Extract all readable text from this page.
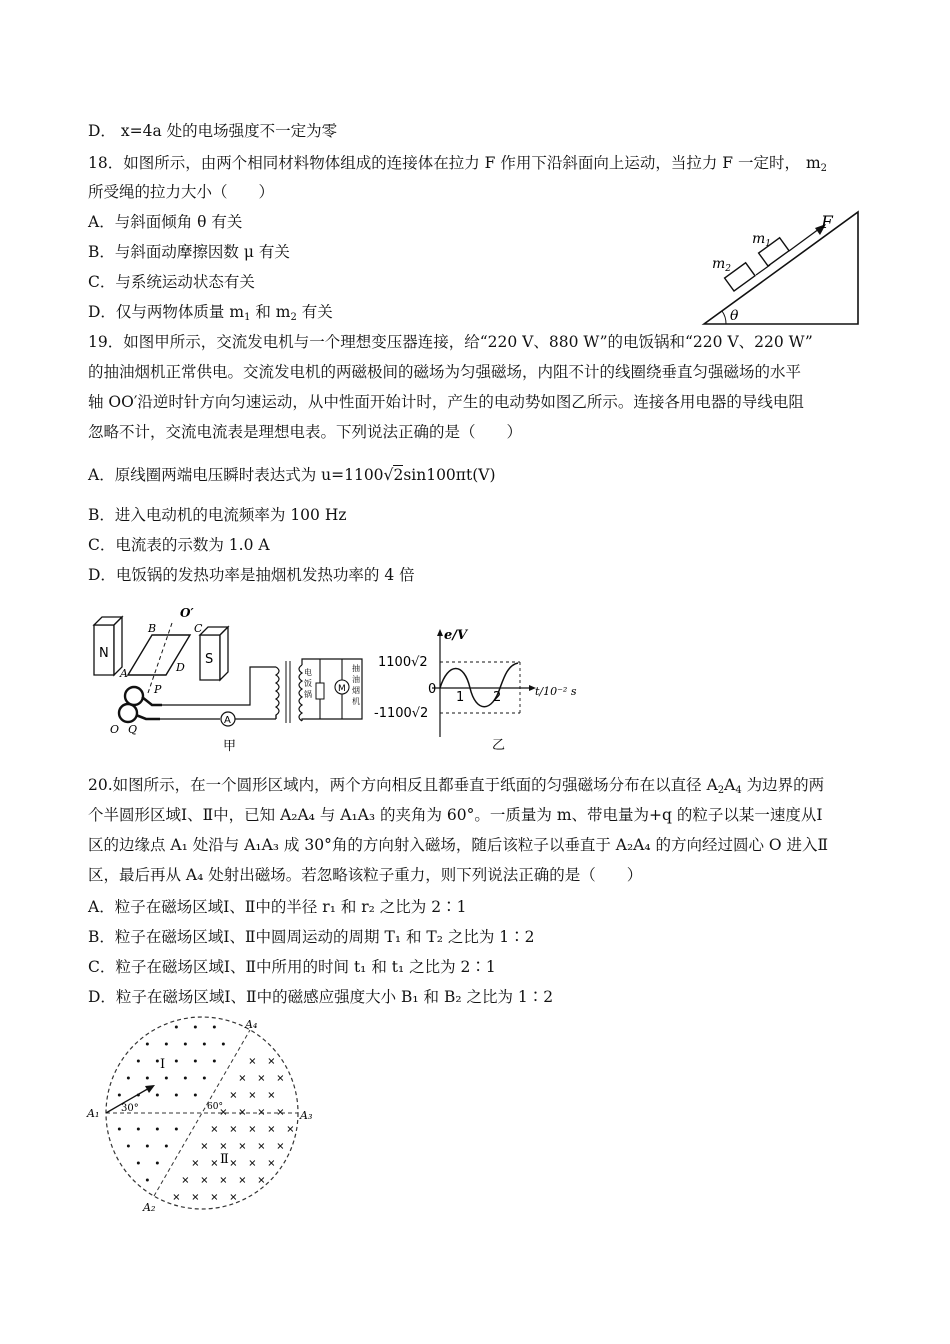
D． x=4a 处的电场强度不一定为零
18．如图所示，由两个相同材料物体组成的连接体在拉力 F 作用下沿斜面向上运动，当拉力 F 一定时， $m_2$
所受绳的拉力大小（　　）
A．与斜面倾角 θ 有关
B．与斜面动摩擦因数 μ 有关
C．与系统运动状态有关
D．仅与两物体质量 $m_1$ 和 $m_2$ 有关	θ
F
$m_1$
$m_2$
19．如图甲所示，交流发电机与一个理想变压器连接，给“220 V、880 W”的电饭锅和“220 V、220 W”
的抽油烟机正常供电。交流发电机的两磁极间的磁场为匀强磁场，内阻不计的线圈绕垂直匀强磁场的水平
轴 OO′沿逆时针方向匀速运动，从中性面开始计时，产生的电动势如图乙所示。连接各用电器的导线电阻
忽略不计，交流电流表是理想电表。下列说法正确的是（　　）
A．原线圈两端电压瞬时表达式为 u=1100√2sin100πt(V)
B．进入电动机的电流频率为 100 Hz
C．电流表的示数为 1.0 A
D．电饭锅的发热功率是抽烟机发热功率的 4 倍
N	S
B	C
A	D
O′
P
O Q
A
电 饭 锅
M
抽 油 烟 机
甲
e/V
1100√2
0
-1100√2
1 2	t/10⁻² s
乙
20.如图所示，在一个圆形区域内，两个方向相反且都垂直于纸面的匀强磁场分布在以直径 $A_2A_4$ 为边界的两
个半圆形区域Ⅰ、Ⅱ中，已知 A₂A₄ 与 A₁A₃ 的夹角为 60°。一质量为 m、带电量为+q 的粒子以某一速度从Ⅰ
区的边缘点 A₁ 处沿与 A₁A₃ 成 30°角的方向射入磁场，随后该粒子以垂直于 A₂A₄ 的方向经过圆心 O 进入Ⅱ
区，最后再从 A₄ 处射出磁场。若忽略该粒子重力，则下列说法正确的是（　　）
A．粒子在磁场区域Ⅰ、Ⅱ中的半径 r₁ 和 r₂ 之比为 2∶1
B．粒子在磁场区域Ⅰ、Ⅱ中圆周运动的周期 T₁ 和 T₂ 之比为 1∶2
C．粒子在磁场区域Ⅰ、Ⅱ中所用的时间 t₁ 和 t₁ 之比为 2∶1
D．粒子在磁场区域Ⅰ、Ⅱ中的磁感应强度大小 B₁ 和 B₂ 之比为 1∶2
Ⅰ
Ⅱ
30°	60°
A₁	A₃
A₂
A₄
